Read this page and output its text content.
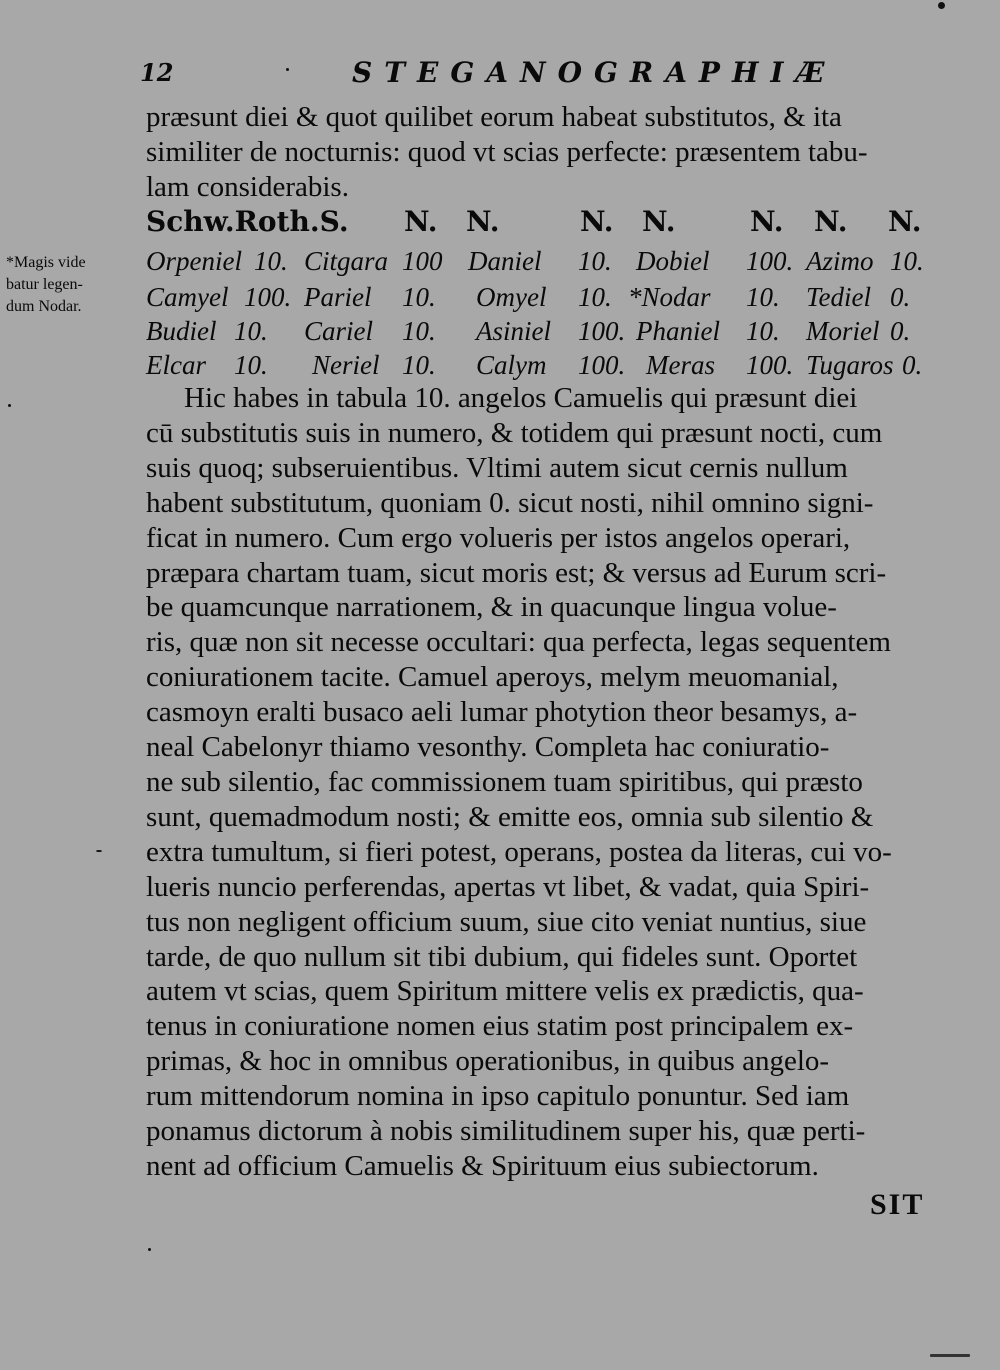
12	STEGANOGRAPHIÆ
præsunt diei & quot quilibet eorum habeat substitutos, & ita
similiter de nocturnis: quod vt scias perfecte: præsentem tabu-
lam considerabis.
Schw.Roth.S. N. N.	N. N.	N. N. N.
Orpeniel 10. Citgara 100 Daniel 10. Dobiel 100. Azimo 10.
Camyel 100. Pariel 10. Omyel 10. *Nodar 10. Tediel 0.
Budiel 10. Cariel 10. Asiniel 100. Phaniel 10. Moriel 0.
Elcar 10. Neriel 10. Calym 100. Meras 100. Tugaros 0.
*Magis vide
batur legen-
dum Nodar.
Hic habes in tabula 10. angelos Camuelis qui præsunt diei
cū substitutis suis in numero, & totidem qui præsunt nocti, cum
suis quoq; subseruientibus. Vltimi autem sicut cernis nullum
habent substitutum, quoniam 0. sicut nosti, nihil omnino signi-
ficat in numero. Cum ergo volueris per istos angelos operari,
præpara chartam tuam, sicut moris est; & versus ad Eurum scri-
be quamcunque narrationem, & in quacunque lingua volue-
ris, quæ non sit necesse occultari: qua perfecta, legas sequentem
coniurationem tacite. Camuel aperoys, melym meuomanial,
casmoyn eralti busaco aeli lumar photytion theor besamys, a-
neal Cabelonyr thiamo vesonthy. Completa hac coniuratio-
ne sub silentio, fac commissionem tuam spiritibus, qui præsto
sunt, quemadmodum nosti; & emitte eos, omnia sub silentio &
extra tumultum, si fieri potest, operans, postea da literas, cui vo-
lueris nuncio perferendas, apertas vt libet, & vadat, quia Spiri-
tus non negligent officium suum, siue cito veniat nuntius, siue
tarde, de quo nullum sit tibi dubium, qui fideles sunt. Oportet
autem vt scias, quem Spiritum mittere velis ex prædictis, qua-
tenus in coniuratione nomen eius statim post principalem ex-
primas, & hoc in omnibus operationibus, in quibus angelo-
rum mittendorum nomina in ipso capitulo ponuntur. Sed iam
ponamus dictorum à nobis similitudinem super his, quæ perti-
nent ad officium Camuelis & Spirituum eius subiectorum.
SIT
